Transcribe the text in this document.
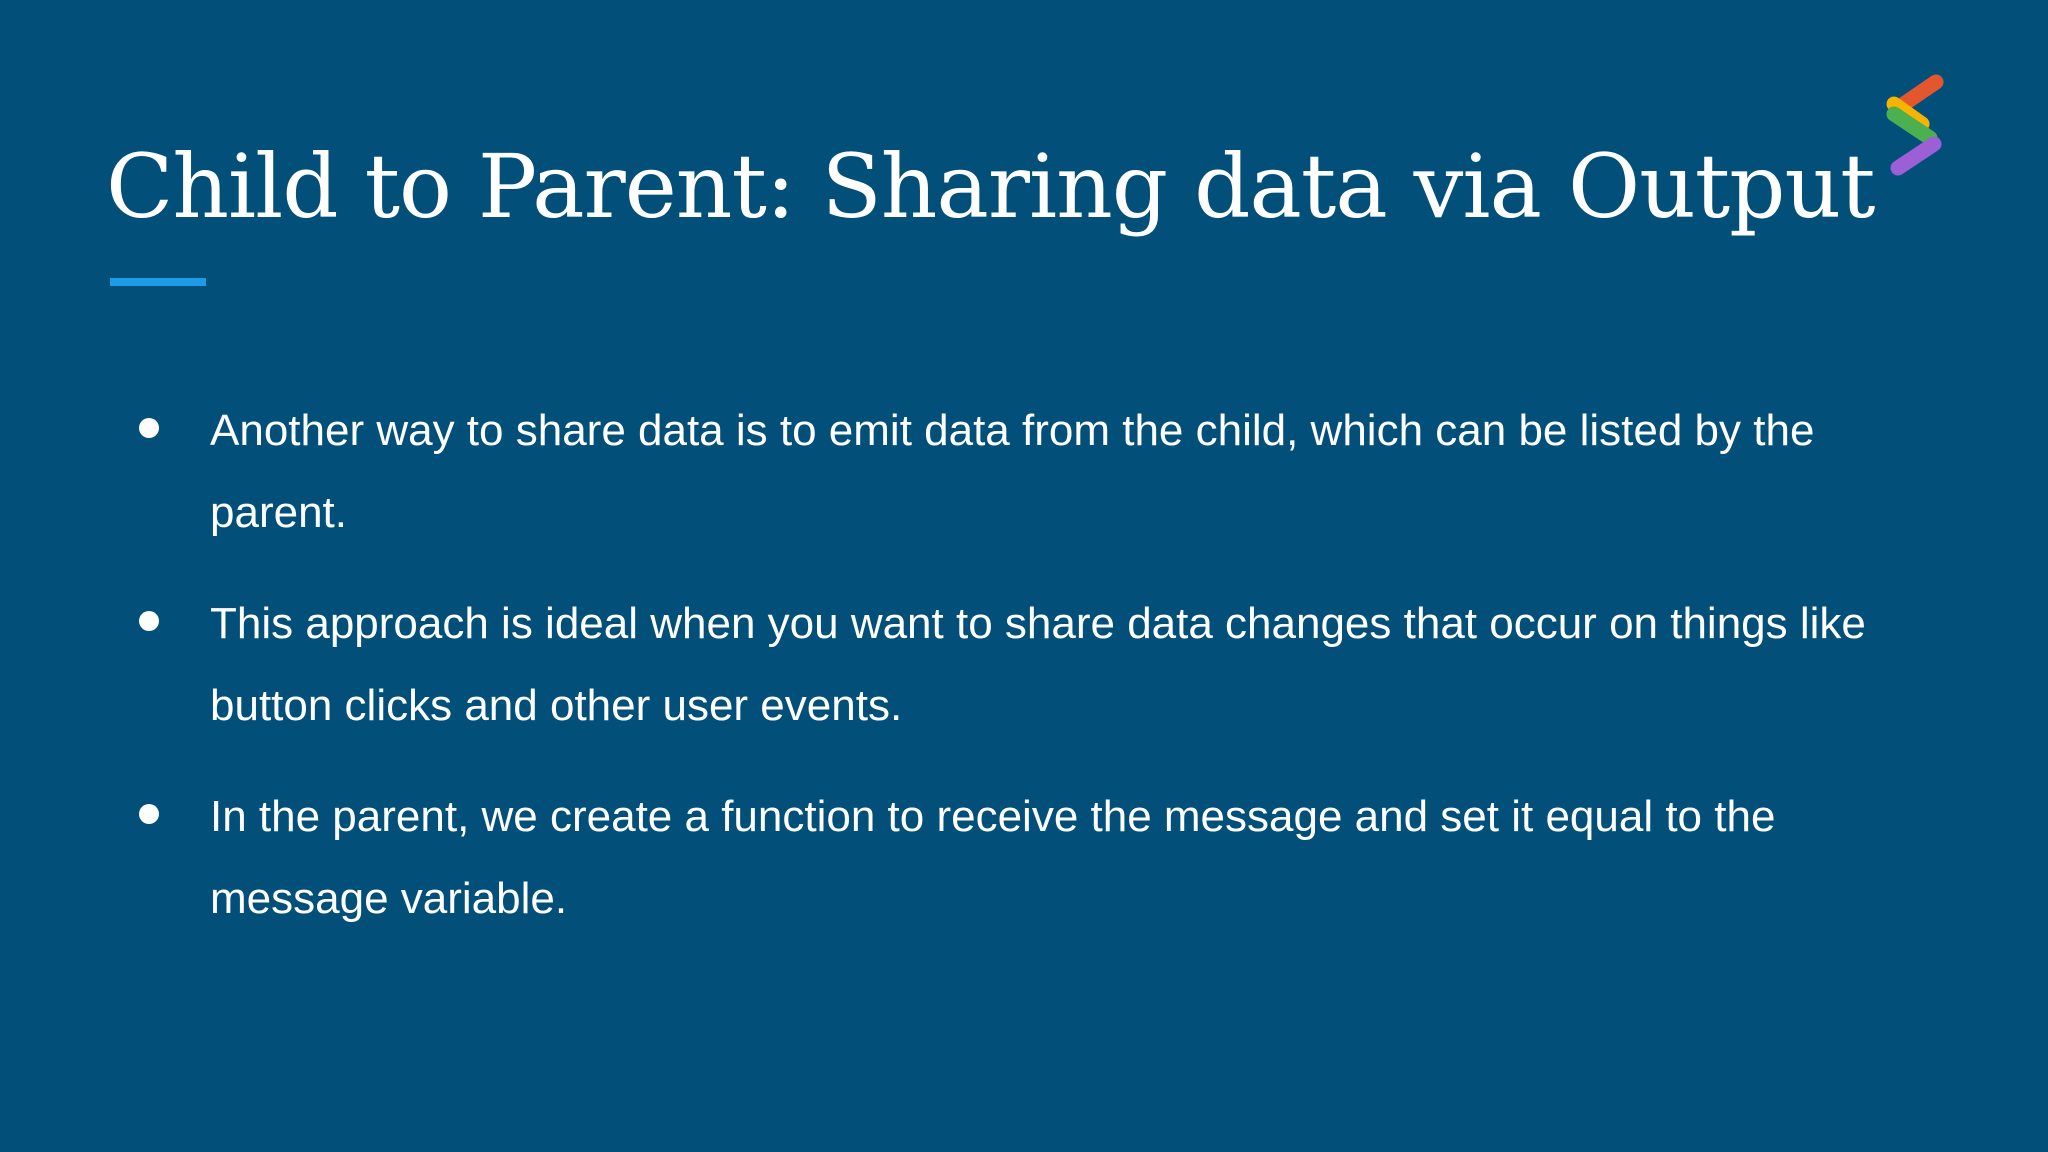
Child to Parent: Sharing data via Output
Another way to share data is to emit data from the child, which can be listed by the parent.
This approach is ideal when you want to share data changes that occur on things like button clicks and other user events.
In the parent, we create a function to receive the message and set it equal to the message variable.
